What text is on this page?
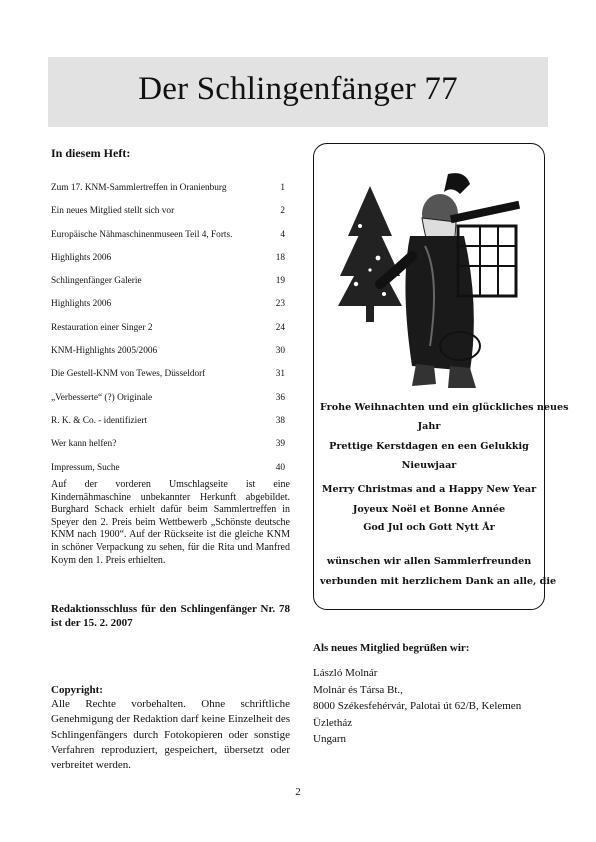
Der Schlingenfänger 77
In diesem Heft:
Zum 17. KNM-Sammlertreffen in Oranienburg	1
Ein neues Mitglied stellt sich vor	2
Europäische Nähmaschinenmuseen Teil 4, Forts.	4
Highlights 2006	18
Schlingenfänger Galerie	19
Highlights 2006	23
Restauration einer Singer 2	24
KNM-Highlights 2005/2006	30
Die Gestell-KNM von Tewes, Düsseldorf	31
„Verbesserte“ (?) Originale	36
R. K. & Co. - identifiziert	38
Wer kann helfen?	39
Impressum, Suche	40
Auf der vorderen Umschlagseite ist eine Kindernähmaschine unbekannter Herkunft abgebildet. Burghard Schack erhielt dafür beim Sammlertreffen in Speyer den 2. Preis beim Wettbewerb „Schönste deutsche KNM nach 1900“. Auf der Rückseite ist die gleiche KNM in schöner Verpackung zu sehen, für die Rita und Manfred Koym den 1. Preis erhielten.
Redaktionsschluss für den Schlingenfänger Nr. 78 ist der 15. 2. 2007
Copyright:
Alle Rechte vorbehalten. Ohne schriftliche Genehmigung der Redaktion darf keine Einzelheit des Schlingenfängers durch Fotokopieren oder sonstige Verfahren reproduziert, gespeichert, übersetzt oder verbreitet werden.
Frohe Weihnachten und ein glückliches neues
Jahr
Prettige Kerstdagen en een Gelukkig
Nieuwjaar
Merry Christmas and a Happy New Year
Joyeux Noël et Bonne Année
God Jul och Gott Nytt År
wünschen wir allen Sammlerfreunden
verbunden mit herzlichem Dank an alle, die
Als neues Mitglied begrüßen wir:
László Molnár
Molnár és Társa Bt.,
8000 Székesfehérvár, Palotai út 62/B, Kelemen Üzletház
Ungarn
2
